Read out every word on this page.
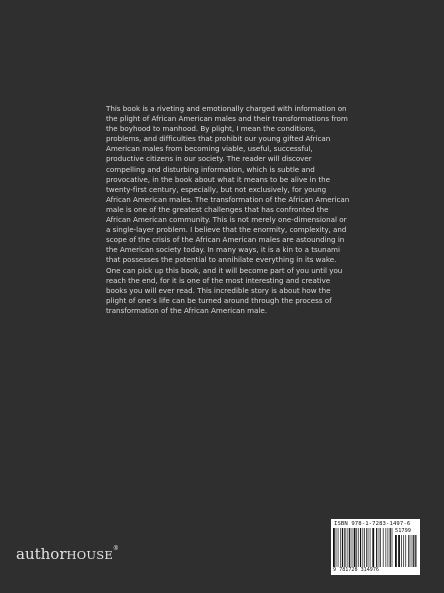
This book is a riveting and emotionally charged with information on the plight of African American males and their transformations from the boyhood to manhood. By plight, I mean the conditions, problems, and difficulties that prohibit our young gifted African American males from becoming viable, useful, successful, productive citizens in our society. The reader will discover compelling and disturbing information, which is subtle and provocative, in the book about what it means to be alive in the twenty-first century, especially, but not exclusively, for young African American males. The transformation of the African American male is one of the greatest challenges that has confronted the African American community. This is not merely one-dimensional or a single-layer problem. I believe that the enormity, complexity, and scope of the crisis of the African American males are astounding in the American society today. In many ways, it is a kin to a tsunami that possesses the potential to annihilate everything in its wake. One can pick up this book, and it will become part of you until you reach the end, for it is one of the most interesting and creative books you will ever read. This incredible story is about how the plight of one’s life can be turned around through the process of transformation of the African American male.

authorHOUSE®
ISBN 978-1-7283-1497-6
51799
9 781728 314976
